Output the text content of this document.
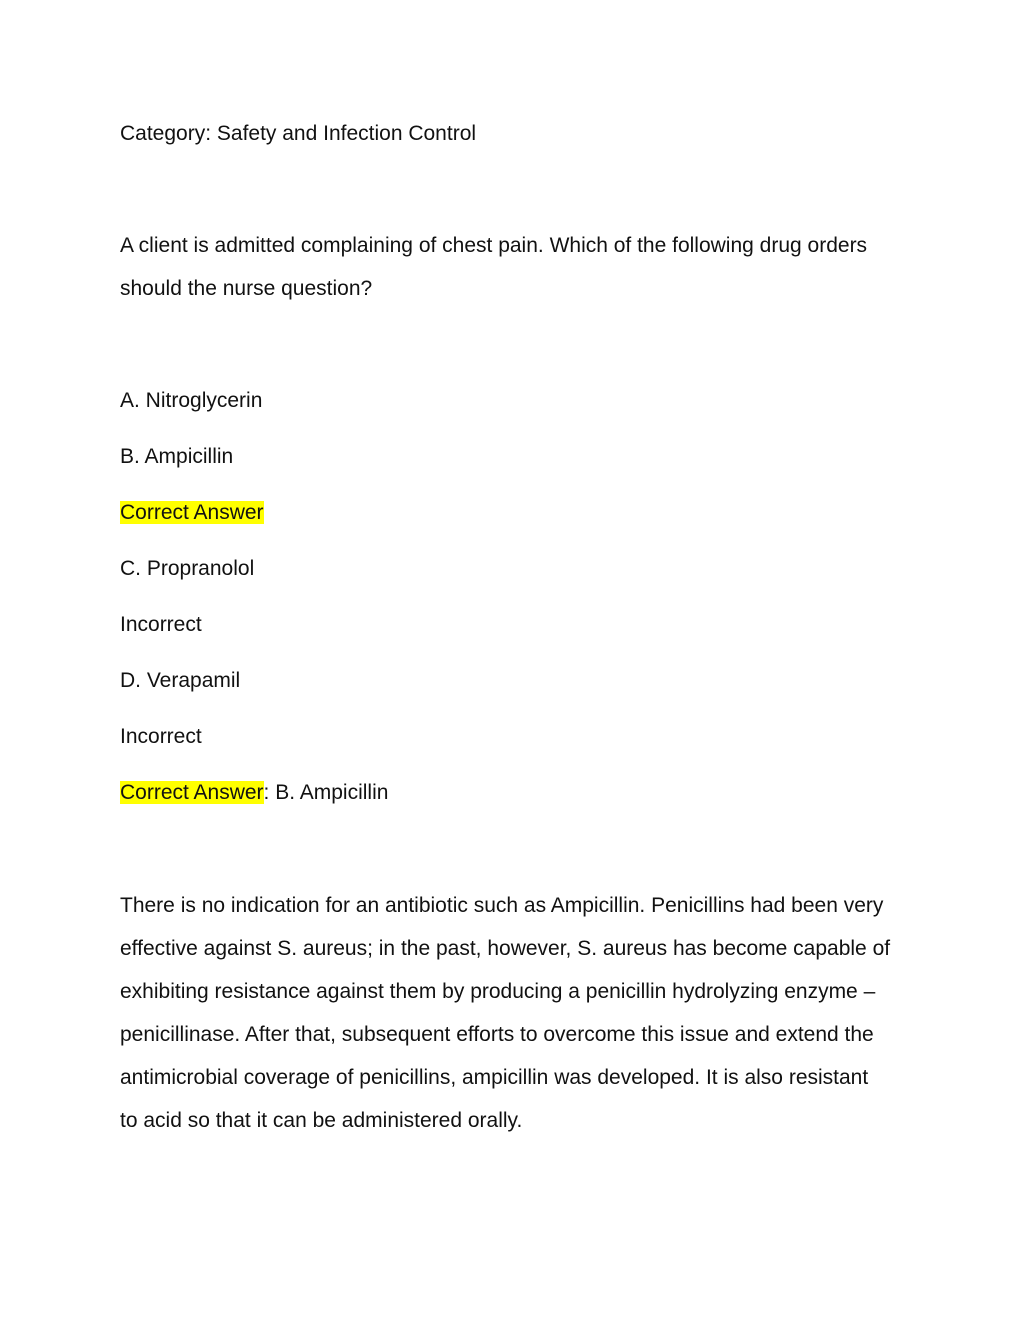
Category: Safety and Infection Control
A client is admitted complaining of chest pain. Which of the following drug orders
should the nurse question?
A. Nitroglycerin
B. Ampicillin
Correct Answer
C. Propranolol
Incorrect
D. Verapamil
Incorrect
Correct Answer: B. Ampicillin

There is no indication for an antibiotic such as Ampicillin. Penicillins had been very

effective against S. aureus; in the past, however, S. aureus has become capable of

exhibiting resistance against them by producing a penicillin hydrolyzing enzyme –

penicillinase. After that, subsequent efforts to overcome this issue and extend the

antimicrobial coverage of penicillins, ampicillin was developed. It is also resistant

to acid so that it can be administered orally.
